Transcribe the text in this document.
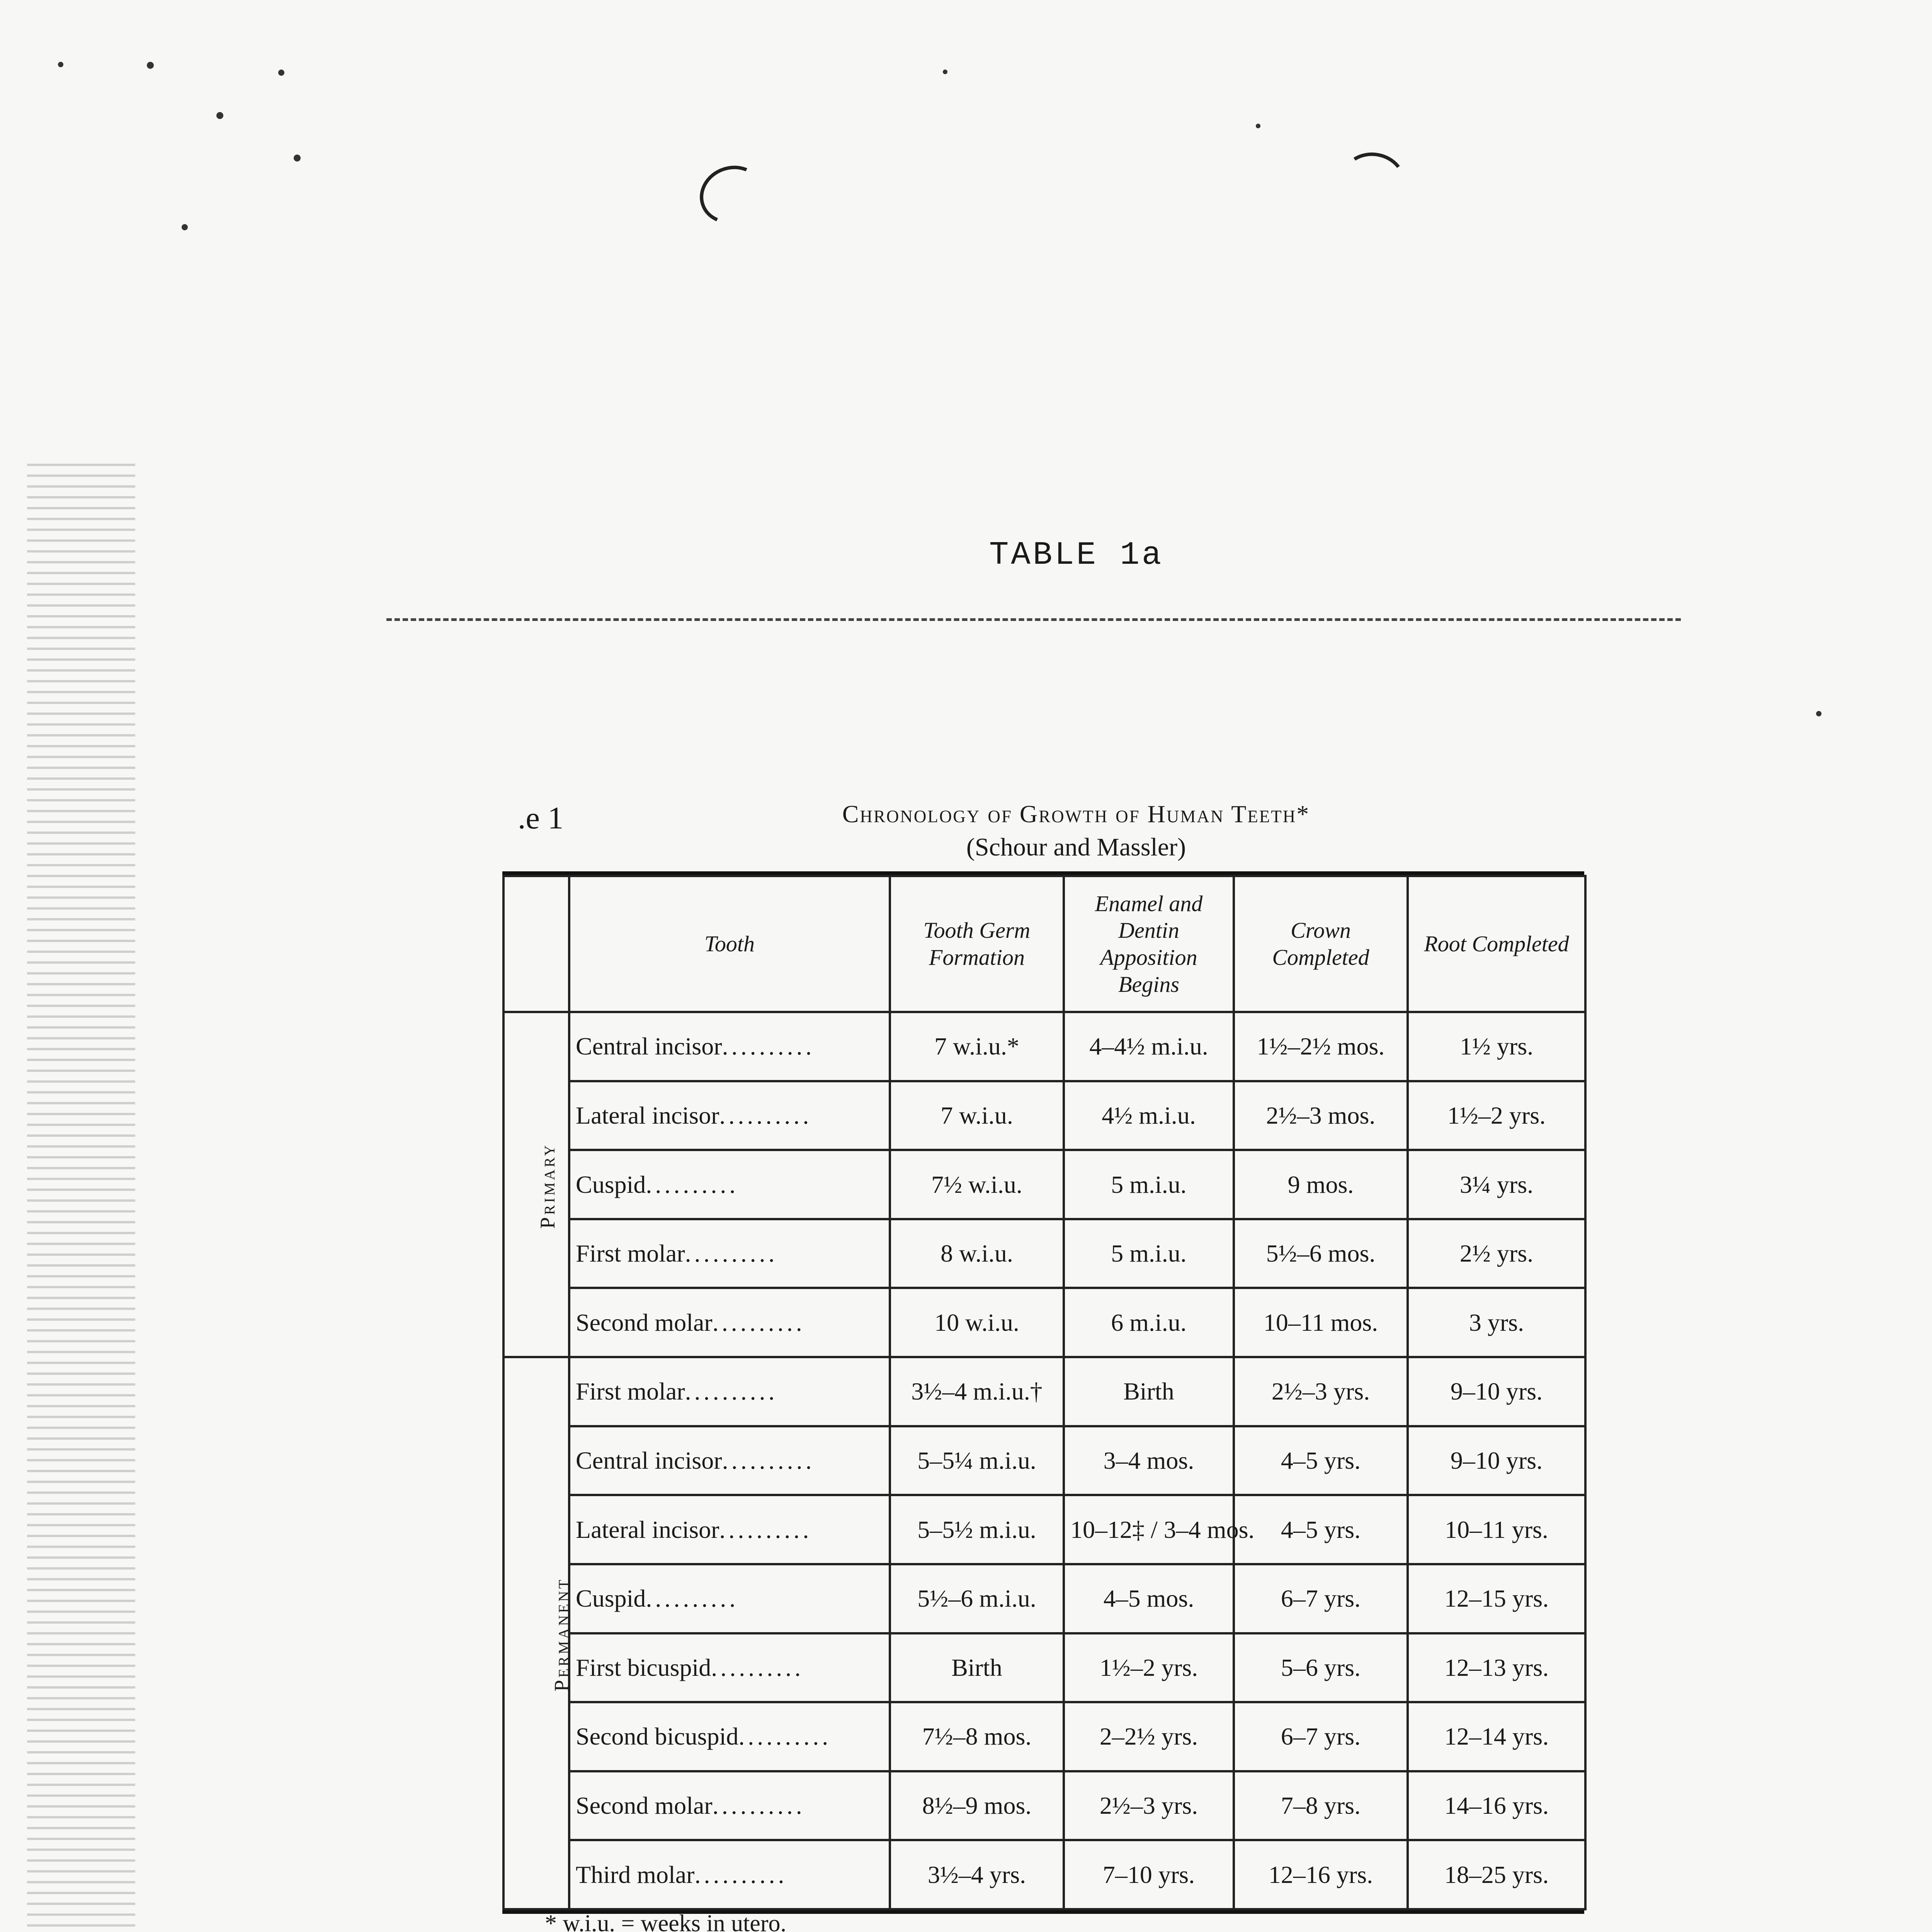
TABLE 1a
.e 1	Chronology of Growth of Human Teeth*
(Schour and Massler)
	Tooth	Tooth Germ Formation	Enamel and Dentin Apposition Begins	Crown Completed	Root Completed
Primary	Central incisor..........	7 w.i.u.*	4–4½ m.i.u.	1½–2½ mos.	1½ yrs.
	Lateral incisor..........	7 w.i.u.	4½ m.i.u.	2½–3 mos.	1½–2 yrs.
	Cuspid..........	7½ w.i.u.	5 m.i.u.	9 mos.	3¼ yrs.
	First molar..........	8 w.i.u.	5 m.i.u.	5½–6 mos.	2½ yrs.
	Second molar..........	10 w.i.u.	6 m.i.u.	10–11 mos.	3 yrs.
Permanent	First molar..........	3½–4 m.i.u.†	Birth	2½–3 yrs.	9–10 yrs.
	Central incisor..........	5–5¼ m.i.u.	3–4 mos.	4–5 yrs.	9–10 yrs.
	Lateral incisor..........	5–5½ m.i.u.	10–12‡ / 3–4 mos.	4–5 yrs.	10–11 yrs.
	Cuspid..........	5½–6 m.i.u.	4–5 mos.	6–7 yrs.	12–15 yrs.
	First bicuspid..........	Birth	1½–2 yrs.	5–6 yrs.	12–13 yrs.
	Second bicuspid..........	7½–8 mos.	2–2½ yrs.	6–7 yrs.	12–14 yrs.
	Second molar..........	8½–9 mos.	2½–3 yrs.	7–8 yrs.	14–16 yrs.
	Third molar..........	3½–4 yrs.	7–10 yrs.	12–16 yrs.	18–25 yrs.
* w.i.u. = weeks in utero.
